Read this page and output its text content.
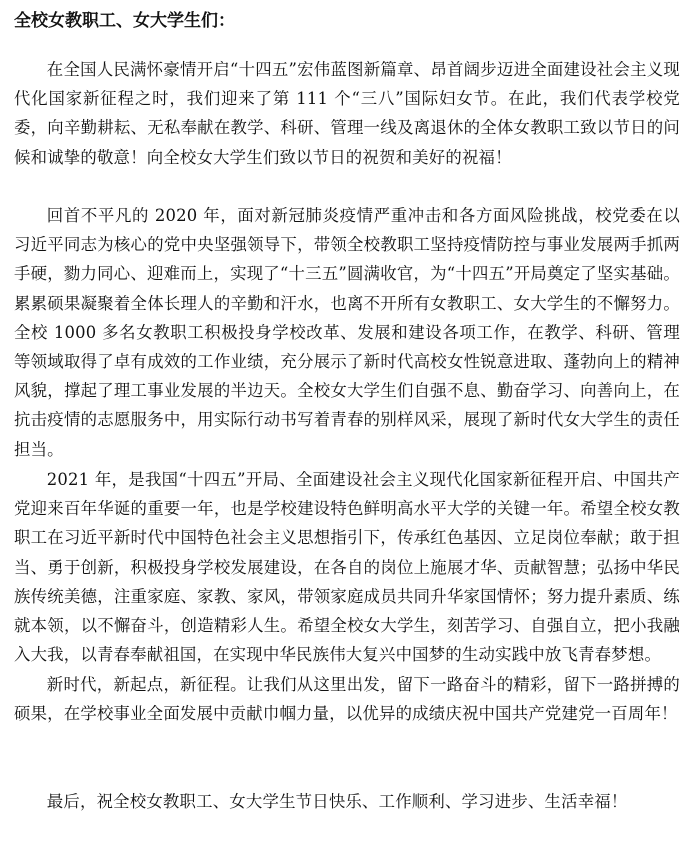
全校女教职工、女大学生们：

在全国人民满怀豪情开启“十四五”宏伟蓝图新篇章、昂首阔步迈进全面建设社会主义现代化国家新征程之时，我们迎来了第 111 个“三八”国际妇女节。在此，我们代表学校党委，向辛勤耕耘、无私奉献在教学、科研、管理一线及离退休的全体女教职工致以节日的问候和诚挚的敬意！向全校女大学生们致以节日的祝贺和美好的祝福！

回首不平凡的 2020 年，面对新冠肺炎疫情严重冲击和各方面风险挑战，校党委在以习近平同志为核心的党中央坚强领导下，带领全校教职工坚持疫情防控与事业发展两手抓两手硬，勠力同心、迎难而上，实现了“十三五”圆满收官，为“十四五”开局奠定了坚实基础。累累硕果凝聚着全体长理人的辛勤和汗水，也离不开所有女教职工、女大学生的不懈努力。全校 1000 多名女教职工积极投身学校改革、发展和建设各项工作，在教学、科研、管理等领域取得了卓有成效的工作业绩，充分展示了新时代高校女性锐意进取、蓬勃向上的精神风貌，撑起了理工事业发展的半边天。全校女大学生们自强不息、勤奋学习、向善向上，在抗击疫情的志愿服务中，用实际行动书写着青春的别样风采，展现了新时代女大学生的责任担当。

2021 年，是我国“十四五”开局、全面建设社会主义现代化国家新征程开启、中国共产党迎来百年华诞的重要一年，也是学校建设特色鲜明高水平大学的关键一年。希望全校女教职工在习近平新时代中国特色社会主义思想指引下，传承红色基因、立足岗位奉献；敢于担当、勇于创新，积极投身学校发展建设，在各自的岗位上施展才华、贡献智慧；弘扬中华民族传统美德，注重家庭、家教、家风，带领家庭成员共同升华家国情怀；努力提升素质、练就本领，以不懈奋斗，创造精彩人生。希望全校女大学生，刻苦学习、自强自立，把小我融入大我，以青春奉献祖国，在实现中华民族伟大复兴中国梦的生动实践中放飞青春梦想。

新时代，新起点，新征程。让我们从这里出发，留下一路奋斗的精彩，留下一路拼搏的硕果，在学校事业全面发展中贡献巾帼力量，以优异的成绩庆祝中国共产党建党一百周年！

最后，祝全校女教职工、女大学生节日快乐、工作顺利、学习进步、生活幸福！
